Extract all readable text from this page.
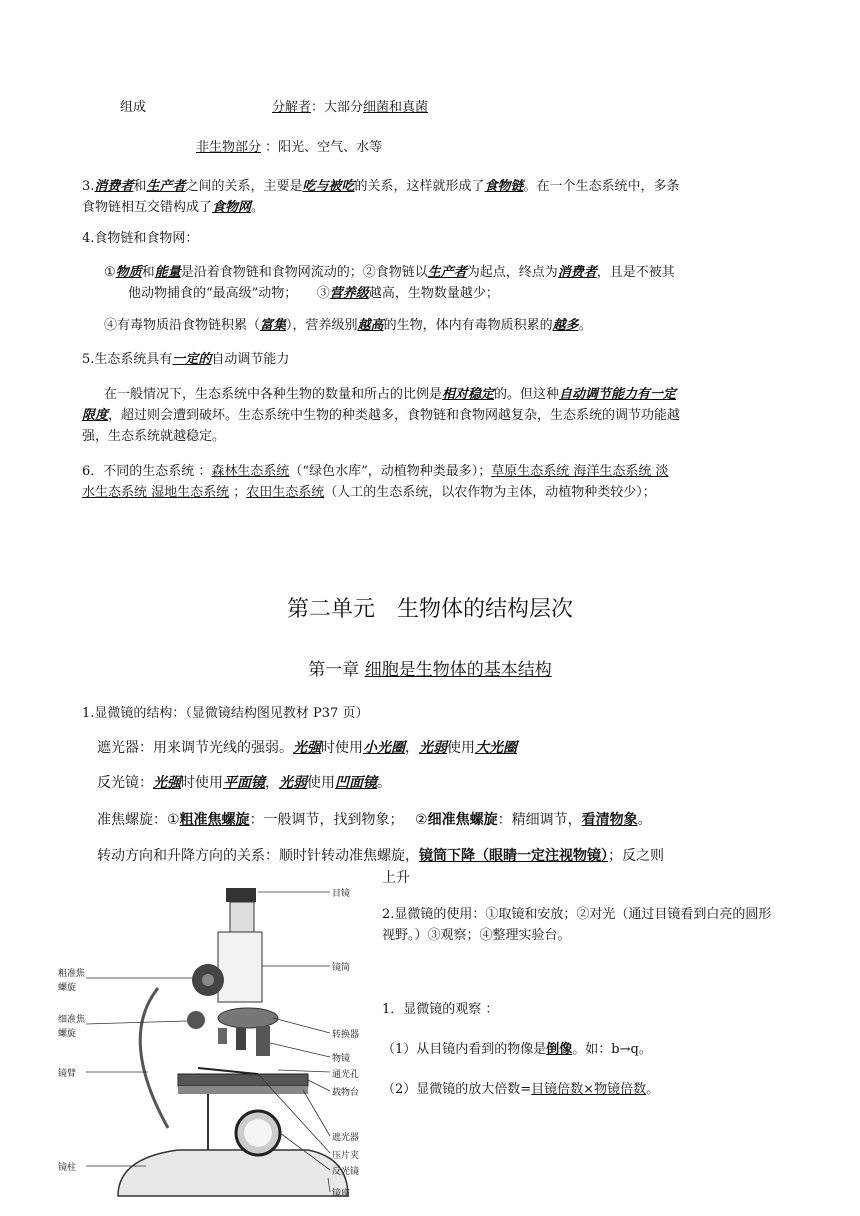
组成	分解者：大部分细菌和真菌
非生物部分 ：阳光、空气、水等
3.消费者和生产者之间的关系，主要是吃与被吃的关系，这样就形成了食物链。在一个生态系统中，多条
食物链相互交错构成了食物网。
4.食物链和食物网：
①物质和能量是沿着食物链和食物网流动的；②食物链以生产者为起点，终点为消费者，且是不被其
他动物捕食的“最高级”动物；　　③营养级越高，生物数量越少；
④有毒物质沿食物链积累（富集），营养级别越高的生物，体内有毒物质积累的越多。
5.生态系统具有一定的自动调节能力
在一般情况下，生态系统中各种生物的数量和所占的比例是相对稳定的。但这种自动调节能力有一定
限度，超过则会遭到破坏。生态系统中生物的种类越多，食物链和食物网越复杂，生态系统的调节功能越
强，生态系统就越稳定。
6．不同的生态系统 ：森林生态系统（“绿色水库”，动植物种类最多）；草原生态系统 海洋生态系统 淡
水生态系统 湿地生态系统 ；农田生态系统（人工的生态系统，以农作物为主体，动植物种类较少）；
第二单元　生物体的结构层次
第一章 细胞是生物体的基本结构
1.显微镜的结构：（显微镜结构图见教材 P37 页）
遮光器：用来调节光线的强弱。光强时使用小光圈，光弱使用大光圈
反光镜：光强时使用平面镜，光弱使用凹面镜。
准焦螺旋：①粗准焦螺旋：一般调节，找到物象；　 ②细准焦螺旋：精细调节，看清物象。
转动方向和升降方向的关系：顺时针转动准焦螺旋，镜筒下降（眼睛一定注视物镜）；反之则
上升
2.显微镜的使用：①取镜和安放；②对光（通过目镜看到白亮的圆形视野。）③观察；④整理实验台。
1．显微镜的观察 ：
（1）从目镜内看到的物像是倒像。如：b→q。
（2）显微镜的放大倍数=目镜倍数×物镜倍数。
目镜
镜筒
转换器
物镜
通光孔
载物台
遮光器
压片夹
反光镜
镜座
粗准焦
螺旋
细准焦
螺旋
镜臂
镜柱
